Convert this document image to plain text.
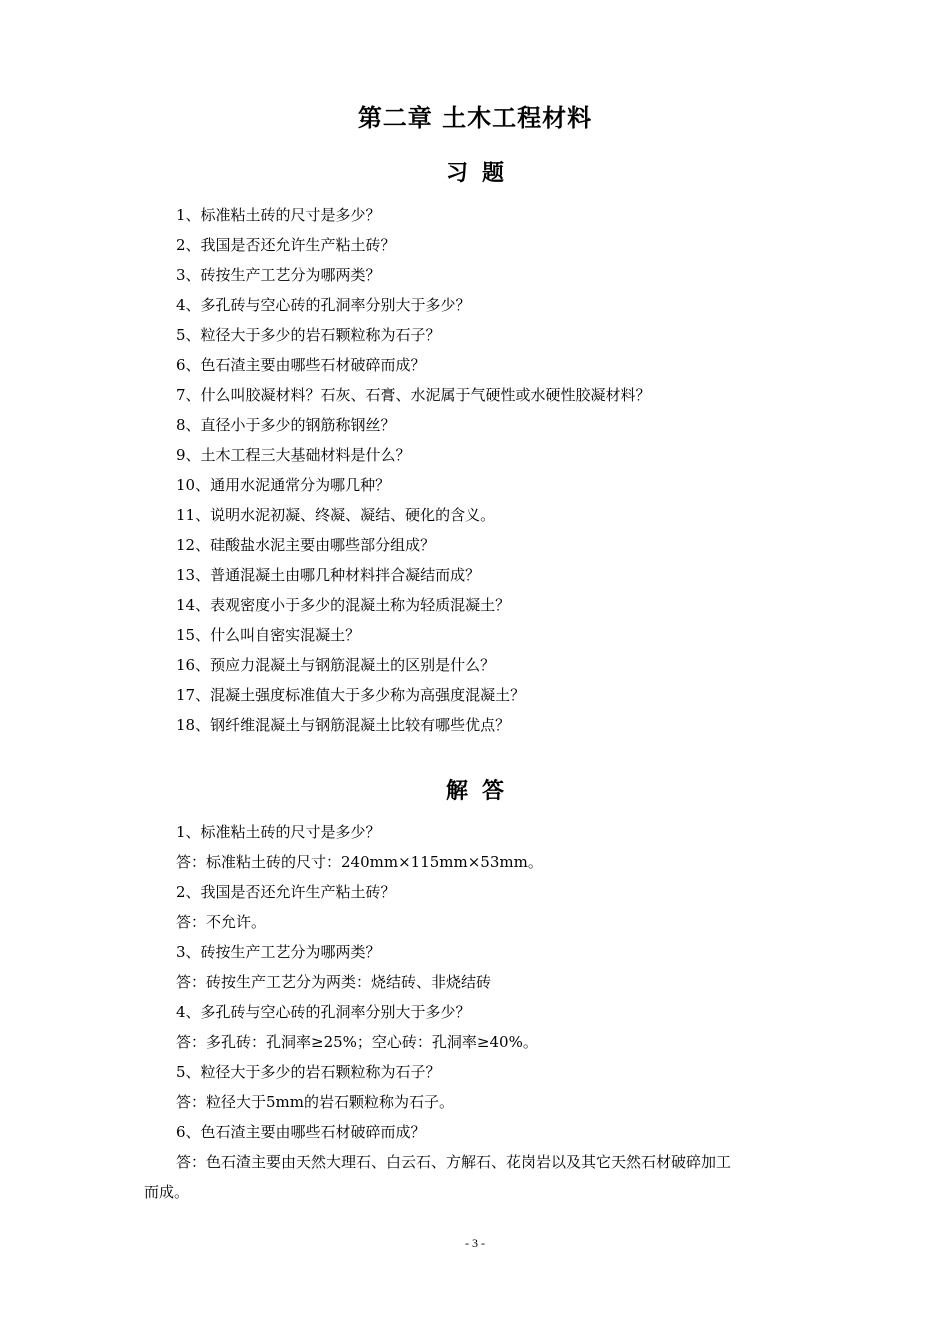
第二章 土木工程材料
习题
1、标准粘土砖的尺寸是多少？
2、我国是否还允许生产粘土砖？
3、砖按生产工艺分为哪两类？
4、多孔砖与空心砖的孔洞率分别大于多少？
5、粒径大于多少的岩石颗粒称为石子？
6、色石渣主要由哪些石材破碎而成？
7、什么叫胶凝材料？石灰、石膏、水泥属于气硬性或水硬性胶凝材料？
8、直径小于多少的钢筋称钢丝？
9、土木工程三大基础材料是什么？
10、通用水泥通常分为哪几种？
11、说明水泥初凝、终凝、凝结、硬化的含义。
12、硅酸盐水泥主要由哪些部分组成？
13、普通混凝土由哪几种材料拌合凝结而成？
14、表观密度小于多少的混凝土称为轻质混凝土？
15、什么叫自密实混凝土？
16、预应力混凝土与钢筋混凝土的区别是什么？
17、混凝土强度标准值大于多少称为高强度混凝土？
18、钢纤维混凝土与钢筋混凝土比较有哪些优点？
解答
1、标准粘土砖的尺寸是多少？
答：标准粘土砖的尺寸：240mm×115mm×53mm。
2、我国是否还允许生产粘土砖？
答：不允许。
3、砖按生产工艺分为哪两类？
答：砖按生产工艺分为两类：烧结砖、非烧结砖
4、多孔砖与空心砖的孔洞率分别大于多少？
答：多孔砖：孔洞率≥25%；空心砖：孔洞率≥40%。
5、粒径大于多少的岩石颗粒称为石子？
答：粒径大于5mm的岩石颗粒称为石子。
6、色石渣主要由哪些石材破碎而成？
答：色石渣主要由天然大理石、白云石、方解石、花岗岩以及其它天然石材破碎加工
而成。
- 3 -
